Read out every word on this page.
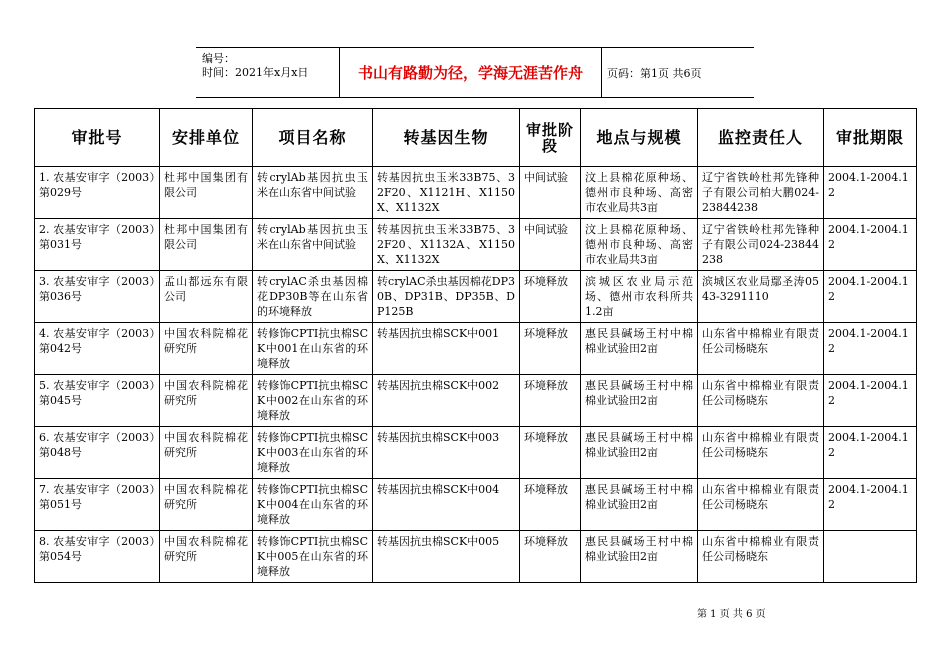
编号：
时间：2021年x月x日	书山有路勤为径，学海无涯苦作舟	页码：第1页 共6页
审批号	安排单位	项目名称	转基因生物	审批阶段	地点与规模	监控责任人	审批期限
1. 农基安审字（2003）第029号	杜邦中国集团有限公司	转crylAb基因抗虫玉米在山东省中间试验	转基因抗虫玉米33B75、32F20、X1121H、X1150X、X1132X	中间试验	汶上县棉花原种场、德州市良种场、高密市农业局共3亩	辽宁省铁岭杜邦先锋种子有限公司柏大鹏024-23844238	2004.1-2004.12
2. 农基安审字（2003）第031号	杜邦中国集团有限公司	转crylAb基因抗虫玉米在山东省中间试验	转基因抗虫玉米33B75、32F20、X1132A、X1150X、X1132X	中间试验	汶上县棉花原种场、德州市良种场、高密市农业局共3亩	辽宁省铁岭杜邦先锋种子有限公司024-23844238	2004.1-2004.12
3. 农基安审字（2003）第036号	孟山都远东有限公司	转crylAC杀虫基因棉花DP30B等在山东省的环境释放	转crylAC杀虫基因棉花DP30B、DP31B、DP35B、DP125B	环境释放	滨城区农业局示范场、德州市农科所共1.2亩	滨城区农业局鄢圣涛0543-3291110	2004.1-2004.12
4. 农基安审字（2003）第042号	中国农科院棉花研究所	转修饰CPTI抗虫棉SCK中001在山东省的环境释放	转基因抗虫棉SCK中001	环境释放	惠民县碱场王村中棉棉业试验田2亩	山东省中棉棉业有限责任公司杨晓东	2004.1-2004.12
5. 农基安审字（2003）第045号	中国农科院棉花研究所	转修饰CPTI抗虫棉SCK中002在山东省的环境释放	转基因抗虫棉SCK中002	环境释放	惠民县碱场王村中棉棉业试验田2亩	山东省中棉棉业有限责任公司杨晓东	2004.1-2004.12
6. 农基安审字（2003）第048号	中国农科院棉花研究所	转修饰CPTI抗虫棉SCK中003在山东省的环境释放	转基因抗虫棉SCK中003	环境释放	惠民县碱场王村中棉棉业试验田2亩	山东省中棉棉业有限责任公司杨晓东	2004.1-2004.12
7. 农基安审字（2003）第051号	中国农科院棉花研究所	转修饰CPTI抗虫棉SCK中004在山东省的环境释放	转基因抗虫棉SCK中004	环境释放	惠民县碱场王村中棉棉业试验田2亩	山东省中棉棉业有限责任公司杨晓东	2004.1-2004.12
8. 农基安审字（2003）第054号	中国农科院棉花研究所	转修饰CPTI抗虫棉SCK中005在山东省的环境释放	转基因抗虫棉SCK中005	环境释放	惠民县碱场王村中棉棉业试验田2亩	山东省中棉棉业有限责任公司杨晓东	
第 1 页 共 6 页
